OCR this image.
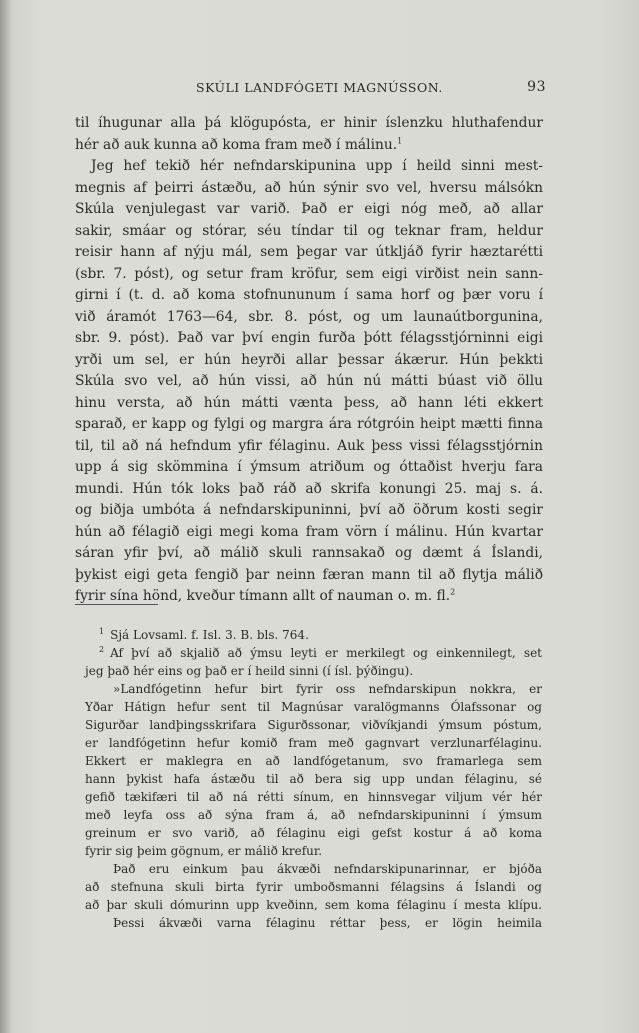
SKÚLI LANDFÓGETI MAGNÚSSON.	93
til íhugunar alla þá klögupósta, er hinir íslenzku hluthafendur
hér að auk kunna að koma fram með í málinu.$^1$
Jeg hef tekið hér nefndarskipunina upp í heild sinni mest-
megnis af þeirri ástæðu, að hún sýnir svo vel, hversu málsókn
Skúla venjulegast var varið. Það er eigi nóg með, að allar
sakir, smáar og stórar, séu tíndar til og teknar fram, heldur
reisir hann af nýju mál, sem þegar var útkljáð fyrir hæztarétti
(sbr. 7. póst), og setur fram kröfur, sem eigi virðist nein sann-
girni í (t. d. að koma stofnununum í sama horf og þær voru í
við áramót 1763—64, sbr. 8. póst, og um launaútborgunina,
sbr. 9. póst). Það var því engin furða þótt félagsstjórninni eigi
yrði um sel, er hún heyrði allar þessar ákærur. Hún þekkti
Skúla svo vel, að hún vissi, að hún nú mátti búast við öllu
hinu versta, að hún mátti vænta þess, að hann léti ekkert
sparað, er kapp og fylgi og margra ára rótgróin heipt mætti finna
til, til að ná hefndum yfir félaginu. Auk þess vissi félagsstjórnin
upp á sig skömmina í ýmsum atriðum og óttaðist hverju fara
mundi. Hún tók loks það ráð að skrifa konungi 25. maj s. á.
og biðja umbóta á nefndarskipuninni, því að öðrum kosti segir
hún að félagið eigi megi koma fram vörn í málinu. Hún kvartar
sáran yfir því, að málið skuli rannsakað og dæmt á Íslandi,
þykist eigi geta fengið þar neinn færan mann til að flytja málið
fyrir sína hönd, kveður tímann allt of nauman o. m. fl.$^2$
$^1$ Sjá Lovsaml. f. Isl. 3. B. bls. 764.
$^2$ Af því að skjalið að ýmsu leyti er merkilegt og einkennilegt, set
jeg það hér eins og það er í heild sinni (í ísl. þýðingu).
»Landfógetinn hefur birt fyrir oss nefndarskipun nokkra, er
Yðar Hátign hefur sent til Magnúsar varalögmanns Ólafssonar og
Sigurðar landþingsskrifara Sigurðssonar, viðvíkjandi ýmsum póstum,
er landfógetinn hefur komið fram með gagnvart verzlunarfélaginu.
Ekkert er maklegra en að landfógetanum, svo framarlega sem
hann þykist hafa ástæðu til að bera sig upp undan félaginu, sé
gefið tækifæri til að ná rétti sínum, en hinnsvegar viljum vér hér
með leyfa oss að sýna fram á, að nefndarskipuninni í ýmsum
greinum er svo varið, að félaginu eigi gefst kostur á að koma
fyrir sig þeim gögnum, er málið krefur.
Það eru einkum þau ákvæði nefndarskipunarinnar, er bjóða
að stefnuna skuli birta fyrir umboðsmanni félagsins á Íslandi og
að þar skuli dómurinn upp kveðinn, sem koma félaginu í mesta klípu.
Þessi ákvæði varna félaginu réttar þess, er lögin heimila
